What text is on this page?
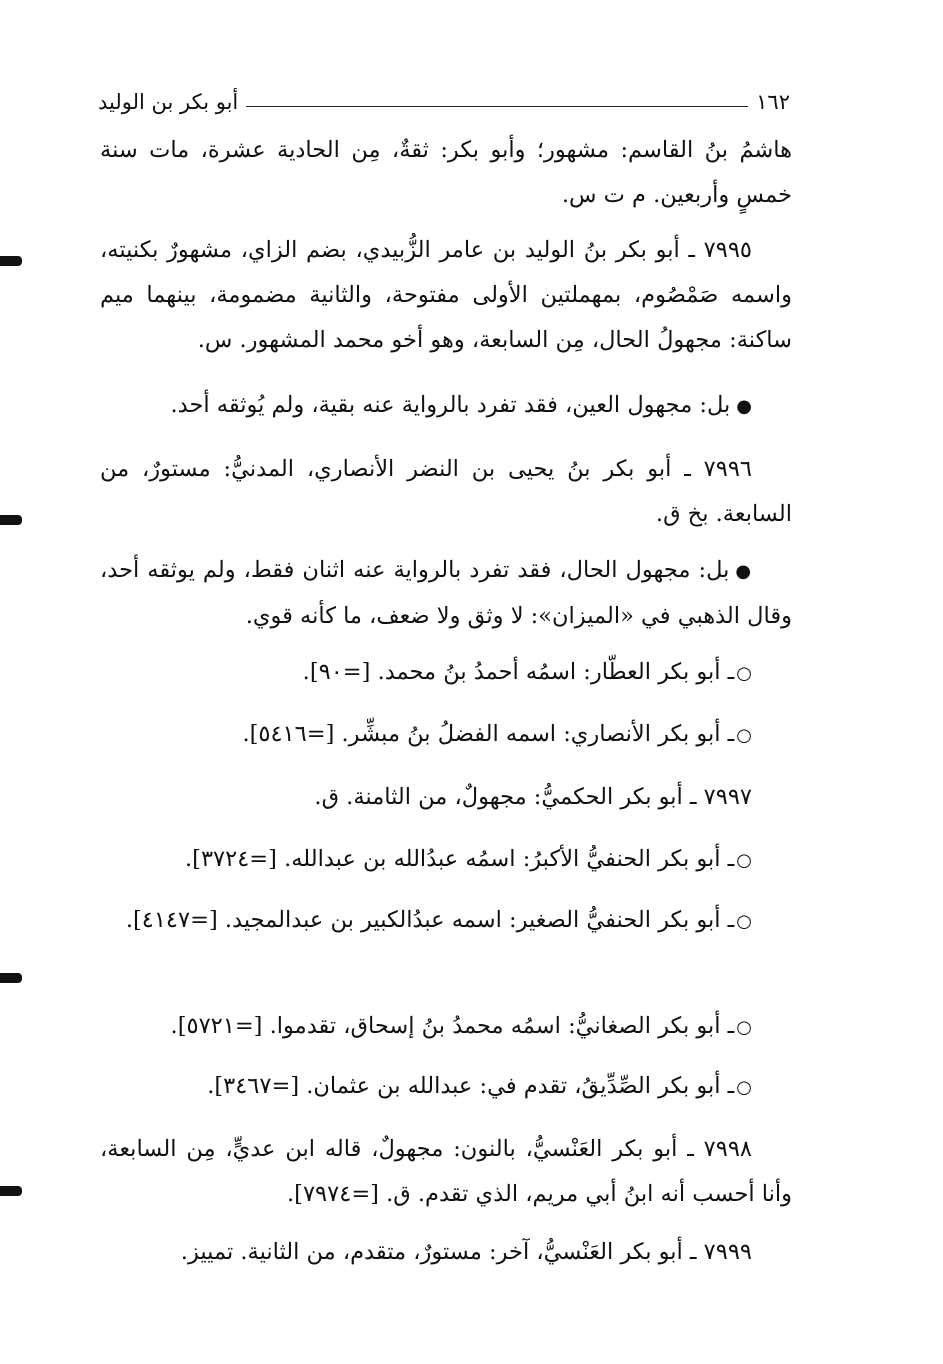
١٦٢
أبو بكر بن الوليد
هاشمُ بنُ القاسم: مشهور؛ وأبو بكر: ثقةٌ، مِن الحادية عشرة، مات سنة خمسٍ وأربعين. م ت س.
٧٩٩٥ ـ أبو بكر بنُ الوليد بن عامر الزُّبيدي، بضم الزاي، مشهورٌ بكنيته، واسمه صَمْصُوم، بمهملتين الأولى مفتوحة، والثانية مضمومة، بينهما ميم ساكنة: مجهولُ الحال، مِن السابعة، وهو أخو محمد المشهور. س.
● بل: مجهول العين، فقد تفرد بالرواية عنه بقية، ولم يُوثقه أحد.
٧٩٩٦ ـ أبو بكر بنُ يحيى بن النضر الأنصاري، المدنيُّ: مستورٌ، من السابعة. بخ ق.
● بل: مجهول الحال، فقد تفرد بالرواية عنه اثنان فقط، ولم يوثقه أحد، وقال الذهبي في «الميزان»: لا وثق ولا ضعف، ما كأنه قوي.
○ ـ أبو بكر العطّار: اسمُه أحمدُ بنُ محمد. [=٩٠].
○ ـ أبو بكر الأنصاري: اسمه الفضلُ بنُ مبشِّر. [=٥٤١٦].
٧٩٩٧ ـ أبو بكر الحكميُّ: مجهولٌ، من الثامنة. ق.
○ ـ أبو بكر الحنفيُّ الأكبرُ: اسمُه عبدُالله بن عبدالله. [=٣٧٢٤].
○ ـ أبو بكر الحنفيُّ الصغير: اسمه عبدُالكبير بن عبدالمجيد. [=٤١٤٧].
○ ـ أبو بكر الصغانيُّ: اسمُه محمدُ بنُ إسحاق، تقدموا. [=٥٧٢١].
○ ـ أبو بكر الصِّدِّيقُ، تقدم في: عبدالله بن عثمان. [=٣٤٦٧].
٧٩٩٨ ـ أبو بكر العَنْسيُّ، بالنون: مجهولٌ، قاله ابن عديٍّ، مِن السابعة، وأنا أحسب أنه ابنُ أبي مريم، الذي تقدم. ق. [=٧٩٧٤].
٧٩٩٩ ـ أبو بكر العَنْسيُّ، آخر: مستورٌ، متقدم، من الثانية. تمييز.
